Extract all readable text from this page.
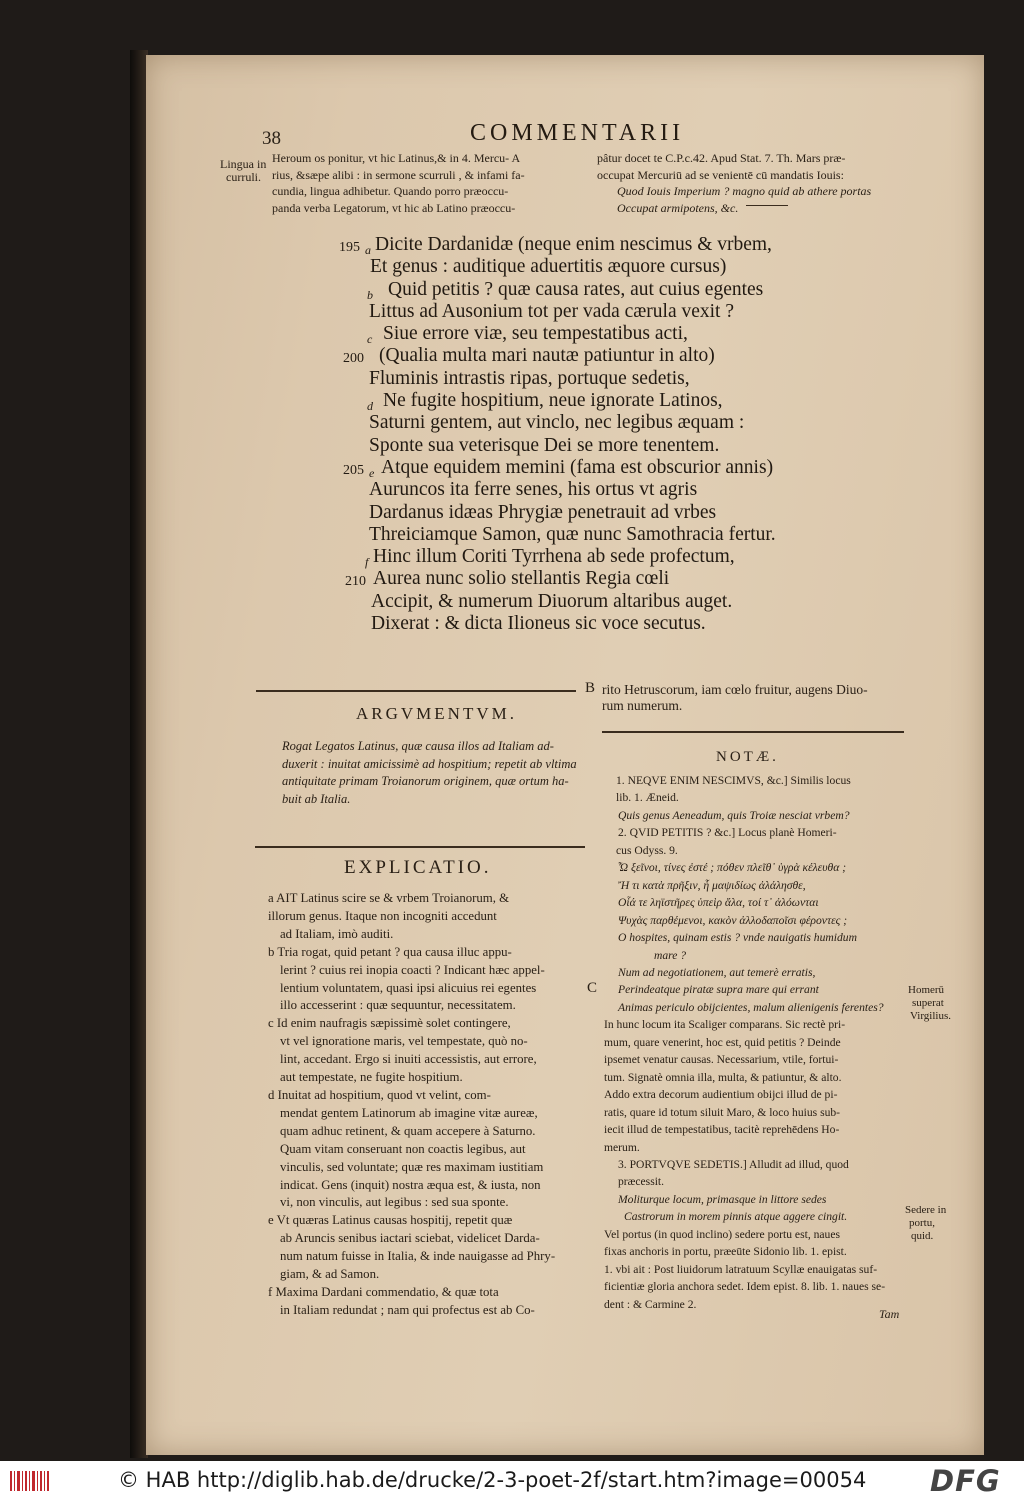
38	COMMENTARII
Lingua in
curruli.
Heroum os ponitur, vt hic Latinus,& in 4. Mercu- A
rius, &sæpe alibi : in sermone scurruli , & infami fa-
cundia, lingua adhibetur. Quando porro præoccu-
panda verba Legatorum, vt hic ab Latino præoccu-
pâtur docet te C.P.c.42. Apud Stat. 7. Th. Mars præ-
occupat Mercuriū ad se venientē cū mandatis Iouis:
Quod Iouis Imperium ? magno quid ab athere portas
Occupat armipotens, &c.
195 a Dicite Dardanidæ (neque enim nescimus & vrbem,
Et genus : auditique aduertitis æquore cursus)
b Quid petitis ? quæ causa rates, aut cuius egentes
Littus ad Ausonium tot per vada cærula vexit ?
c Siue errore viæ, seu tempestatibus acti,
200 (Qualia multa mari nautæ patiuntur in alto)
Fluminis intrastis ripas, portuque sedetis,
d Ne fugite hospitium, neue ignorate Latinos,
Saturni gentem, aut vinclo, nec legibus æquam :
Sponte sua veterisque Dei se more tenentem.
205 e Atque equidem memini (fama est obscurior annis)
Auruncos ita ferre senes, his ortus vt agris
Dardanus idæas Phrygiæ penetrauit ad vrbes
Threiciamque Samon, quæ nunc Samothracia fertur.
f Hinc illum Coriti Tyrrhena ab sede profectum,
210 Aurea nunc solio stellantis Regia cœli
Accipit, & numerum Diuorum altaribus auget.
Dixerat : & dicta Ilioneus sic voce secutus.
ARGVMENTVM.
Rogat Legatos Latinus, quæ causa illos ad Italiam ad-
duxerit : inuitat amicissimè ad hospitium; repetit ab vltima
antiquitate primam Troianorum originem, quæ ortum ha-
buit ab Italia.
B rito Hetruscorum, iam cœlo fruitur, augens Diuo-
rum numerum.
EXPLICATIO.
a AIT Latinus scire se & vrbem Troianorum, &
illorum genus. Itaque non incogniti accedunt
ad Italiam, imò auditi.
b Tria rogat, quid petant ? qua causa illuc appu-
lerint ? cuius rei inopia coacti ? Indicant hæc appel-
lentium voluntatem, quasi ipsi alicuius rei egentes
illo accesserint : quæ sequuntur, necessitatem.
c Id enim naufragis sæpissimè solet contingere,
vt vel ignoratione maris, vel tempestate, quò no-
lint, accedant. Ergo si inuiti accessistis, aut errore,
aut tempestate, ne fugite hospitium.
d Inuitat ad hospitium, quod vt velint, com-
mendat gentem Latinorum ab imagine vitæ aureæ,
quam adhuc retinent, & quam accepere à Saturno.
Quam vitam conseruant non coactis legibus, aut
vinculis, sed voluntate; quæ res maximam iustitiam
indicat. Gens (inquit) nostra æqua est, & iusta, non
vi, non vinculis, aut legibus : sed sua sponte.
e Vt quæras Latinus causas hospitij, repetit quæ
ab Aruncis senibus iactari sciebat, videlicet Darda-
num natum fuisse in Italia, & inde nauigasse ad Phry-
giam, & ad Samon.
f Maxima Dardani commendatio, & quæ tota
in Italiam redundat ; nam qui profectus est ab Co-
NOTÆ.
C
1. NEQVE ENIM NESCIMVS, &c.] Similis locus
lib. 1. Æneid.
Quis genus Aeneadum, quis Troiæ nesciat vrbem?
2. QVID PETITIS ? &c.] Locus planè Homeri-
cus Odyss. 9.
Ὦ ξεῖνοι, τίνες ἐστέ ; πόθεν πλεῖθ᾽ ὑγρὰ κέλευθα ;
Ἤ τι κατὰ πρῆξιν, ἦ μαψιδίως ἀλάλησθε,
Οἷά τε ληϊστῆρες ὑπεὶρ ἅλα, τοί τ᾽ ἀλόωνται
Ψυχὰς παρθέμενοι, κακὸν ἀλλοδαποῖσι φέροντες ;
O hospites, quinam estis ? vnde nauigatis humidum
mare ?
Num ad negotiationem, aut temerè erratis,
Perindeatque piratæ supra mare qui errant
Animas periculo obijcientes, malum alienigenis ferentes?
In hunc locum ita Scaliger comparans. Sic rectè pri-
mum, quare venerint, hoc est, quid petitis ? Deinde
ipsemet venatur causas. Necessarium, vtile, fortui-
tum. Signatè omnia illa, multa, & patiuntur, & alto.
Addo extra decorum audientium obijci illud de pi-
ratis, quare id totum siluit Maro, & loco huius sub-
iecit illud de tempestatibus, tacitè reprehēdens Ho-
merum.
3. PORTVQVE SEDETIS.] Alludit ad illud, quod
præcessit.
Moliturque locum, primasque in littore sedes
Castrorum in morem pinnis atque aggere cingit.
Vel portus (in quod inclino) sedere portu est, naues
fixas anchoris in portu, præeūte Sidonio lib. 1. epist.
1. vbi ait : Post liuidorum latratuum Scyllæ enauigatas suf-
ficientiæ gloria anchora sedet. Idem epist. 8. lib. 1. naues se-
dent : & Carmine 2.
Tam
Homerū
superat
Virgilius.
Sedere in
portu,
quid.
© HAB http://diglib.hab.de/drucke/2-3-poet-2f/start.htm?image=00054 DFG
